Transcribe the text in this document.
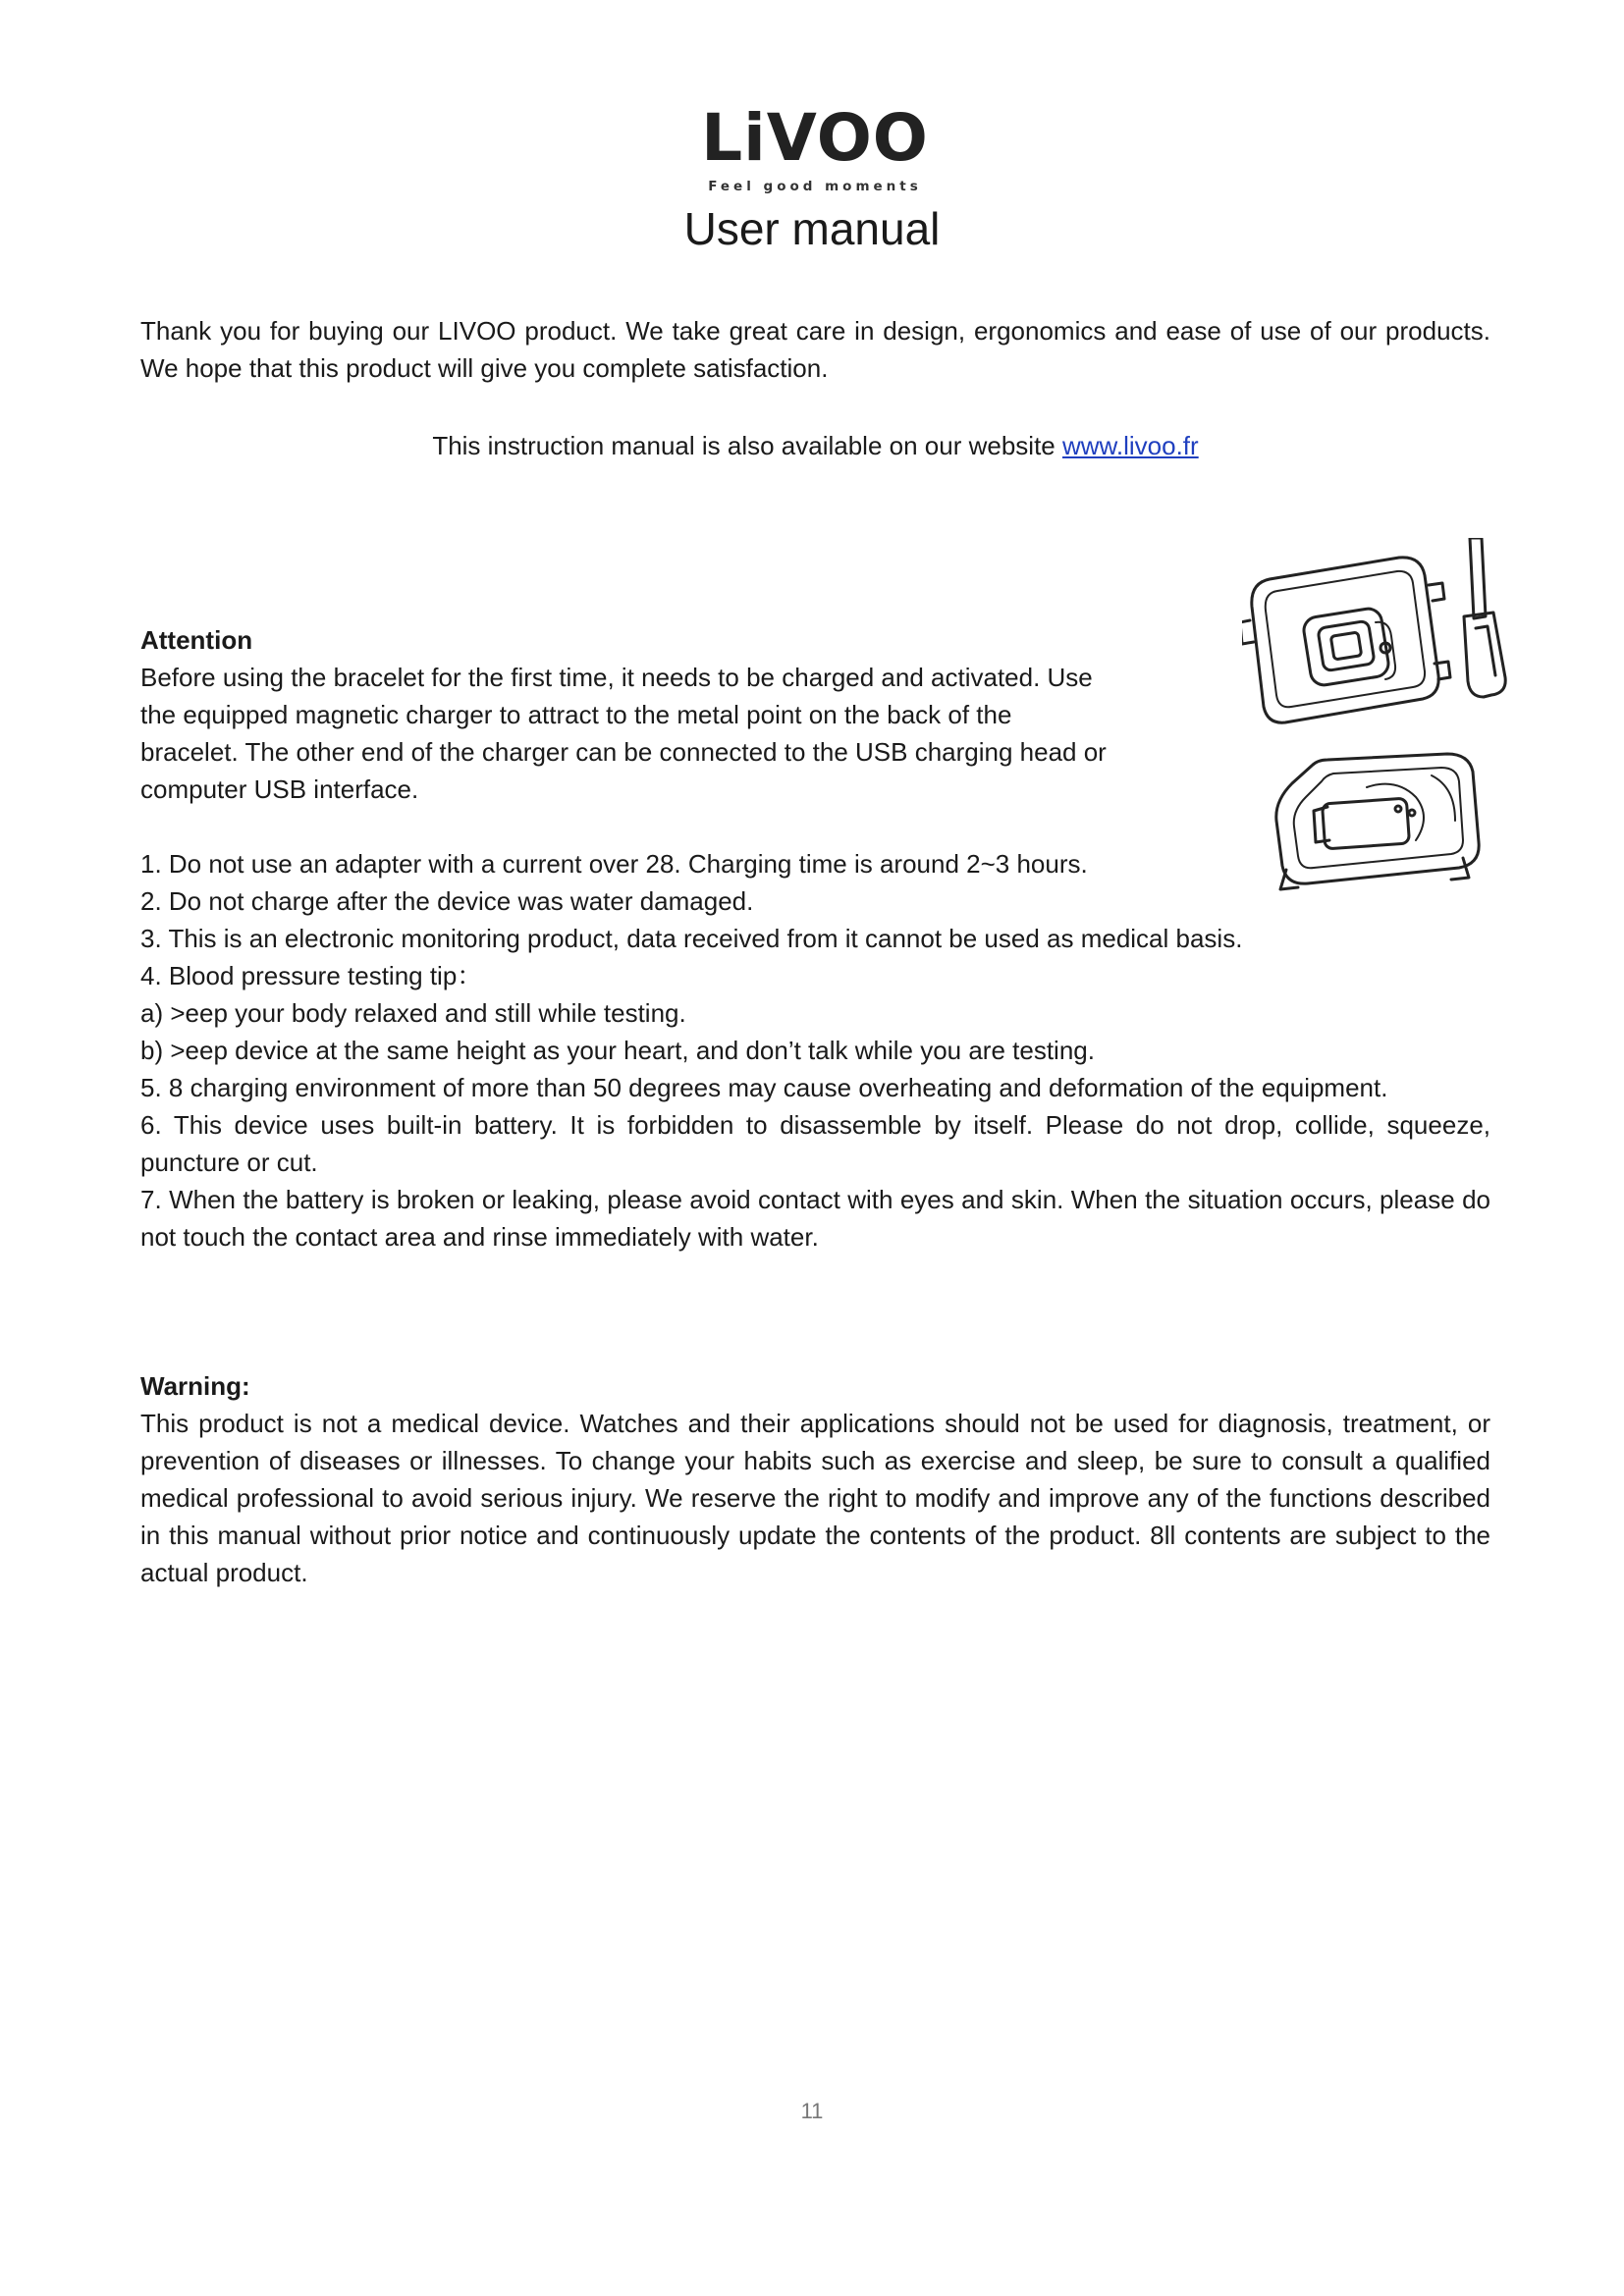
LiVOO
Feel good moments
User manual

Thank you for buying our LIVOO product. We take great care in design, ergonomics and ease of use of our products. We hope that this product will give you complete satisfaction.

This instruction manual is also available on our website www.livoo.fr

Attention

Before using the bracelet for the first time, it needs to be charged and activated. Use
the equipped magnetic charger to attract to the metal point on the back of the
bracelet. The other end of the charger can be connected to the USB charging head or
computer USB interface.

1. Do not use an adapter with a current over 28. Charging time is around 2~3 hours.

2. Do not charge after the device was water damaged.
3. This is an electronic monitoring product, data received from it cannot be used as medical basis.
4. Blood pressure testing tip：
a) >eep your body relaxed and still while testing.
b) >eep device at the same height as your heart, and don’t talk while you are testing.
5. 8 charging environment of more than 50 degrees may cause overheating and deformation of the equipment.
6. This device uses built-in battery. It is forbidden to disassemble by itself. Please do not drop, collide, squeeze, puncture or cut.
7. When the battery is broken or leaking, please avoid contact with eyes and skin. When the situation occurs, please do not touch the contact area and rinse immediately with water.

Warning:

This product is not a medical device. Watches and their applications should not be used for diagnosis, treatment, or prevention of diseases or illnesses. To change your habits such as exercise and sleep, be sure to consult a qualified medical professional to avoid serious injury. We reserve the right to modify and improve any of the functions described in this manual without prior notice and continuously update the contents of the product. 8ll contents are subject to the actual product.

11
